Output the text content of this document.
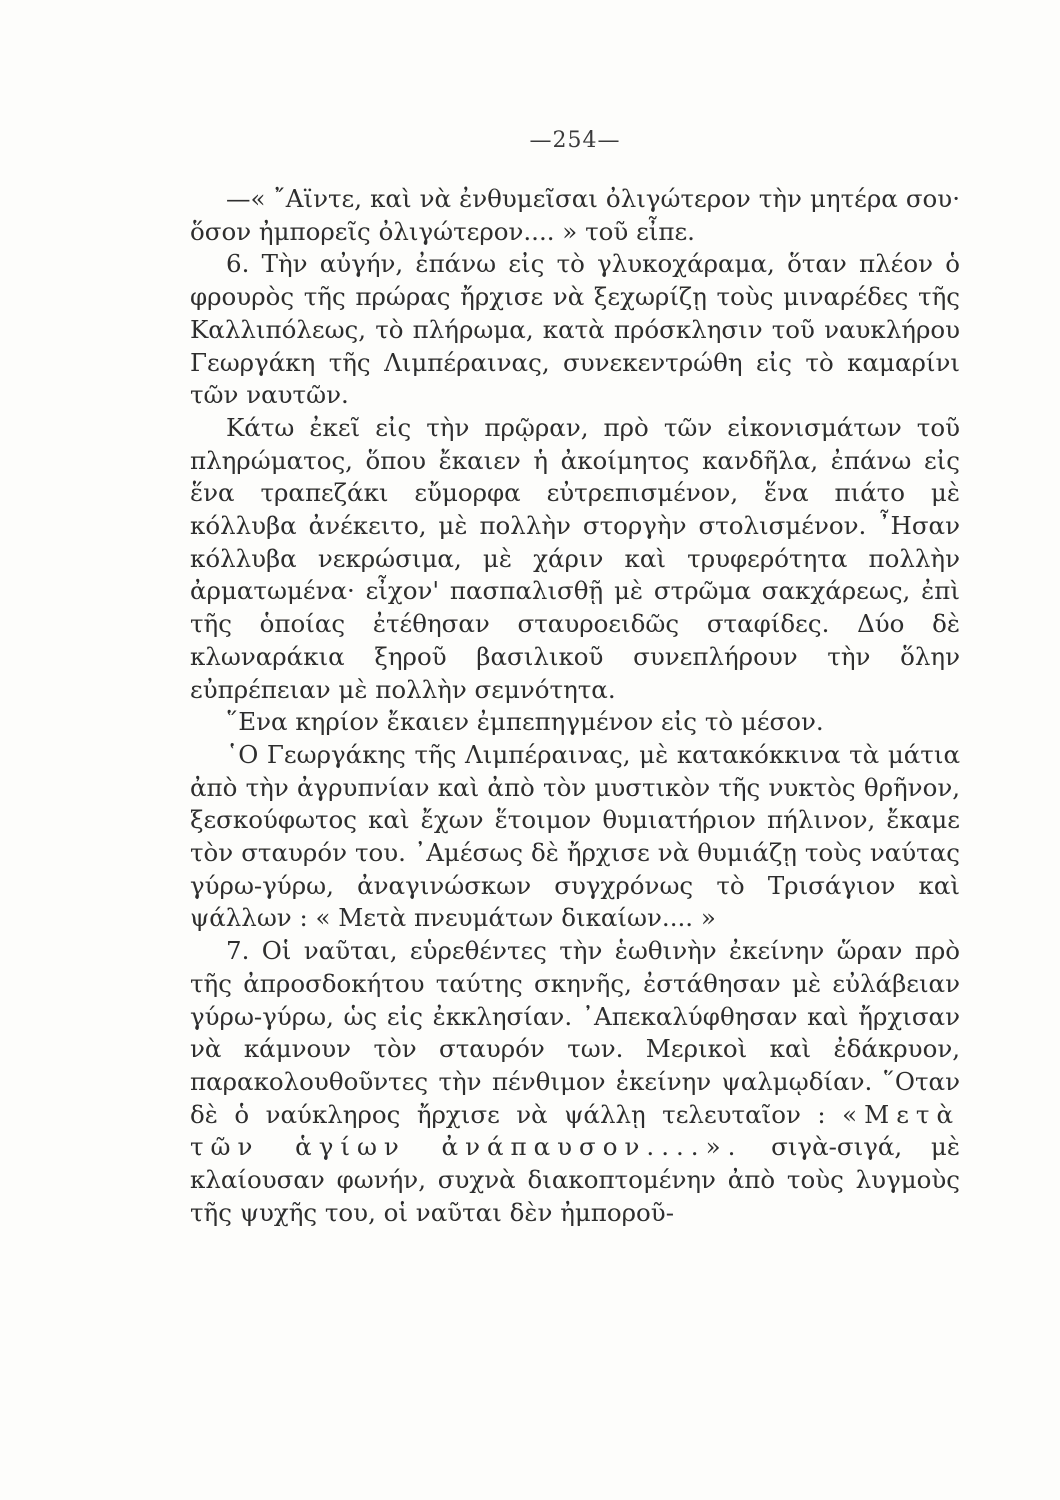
—254—

—« ῎Αϊντε, καὶ νὰ ἐνθυμεῖσαι ὀλιγώτερον τὴν μητέρα σου· ὅσον ἠμπορεῖς ὀλιγώτερον.... » τοῦ εἶπε.

6. Τὴν αὐγήν, ἐπάνω εἰς τὸ γλυκοχάραμα, ὅταν πλέον ὁ φρουρὸς τῆς πρώρας ἤρχισε νὰ ξεχωρίζῃ τοὺς μιναρέδες τῆς Καλλιπόλεως, τὸ πλήρωμα, κατὰ πρόσκλησιν τοῦ ναυκλήρου Γεωργάκη τῆς Λιμπέραινας, συνεκεντρώθη εἰς τὸ καμαρίνι τῶν ναυτῶν.

Κάτω ἐκεῖ εἰς τὴν πρῷραν, πρὸ τῶν εἰκονισμάτων τοῦ πληρώματος, ὅπου ἔκαιεν ἡ ἀκοίμητος κανδῆλα, ἐπάνω εἰς ἕνα τραπεζάκι εὔμορφα εὐτρεπισμένον, ἕνα πιάτο μὲ κόλλυβα ἀνέκειτο, μὲ πολλὴν στοργὴν στολισμένον. ῏Ησαν κόλλυβα νεκρώσιμα, μὲ χάριν καὶ τρυφερότητα πολλὴν ἀρματωμένα· εἶχον' πασπαλισθῇ μὲ στρῶμα σακχάρεως, ἐπὶ τῆς ὁποίας ἐτέθησαν σταυροειδῶς σταφίδες. Δύο δὲ κλωναράκια ξηροῦ βασιλικοῦ συνεπλήρουν τὴν ὅλην εὐπρέπειαν μὲ πολλὴν σεμνότητα.

῞Ενα κηρίον ἔκαιεν ἐμπεπηγμένον εἰς τὸ μέσον.

῾Ο Γεωργάκης τῆς Λιμπέραινας, μὲ κατακόκκινα τὰ μάτια ἀπὸ τὴν ἀγρυπνίαν καὶ ἀπὸ τὸν μυστικὸν τῆς νυκτὸς θρῆνον, ξεσκούφωτος καὶ ἔχων ἕτοιμον θυμιατήριον πήλινον, ἔκαμε τὸν σταυρόν του. ᾿Αμέσως δὲ ἤρχισε νὰ θυμιάζῃ τοὺς ναύτας γύρω-γύρω, ἀναγινώσκων συγχρόνως τὸ Τρισάγιον καὶ ψάλλων : « Μετὰ πνευμάτων δικαίων.... »

7. Οἱ ναῦται, εὑρεθέντες τὴν ἑωθινὴν ἐκείνην ὥραν πρὸ τῆς ἀπροσδοκήτου ταύτης σκηνῆς, ἐστάθησαν μὲ εὐλάβειαν γύρω-γύρω, ὡς εἰς ἐκκλησίαν. ᾿Απεκαλύφθησαν καὶ ἤρχισαν νὰ κάμνουν τὸν σταυρόν των. Μερικοὶ καὶ ἐδάκρυον, παρακολουθοῦντες τὴν πένθιμον ἐκείνην ψαλμῳδίαν. ῞Οταν δὲ ὁ ναύκληρος ἤρχισε νὰ ψάλλῃ τελευταῖον : «Μετὰ τῶν ἁγίων ἀνάπαυσον....». σιγὰ-σιγά, μὲ κλαίουσαν φωνήν, συχνὰ διακοπτομένην ἀπὸ τοὺς λυγμοὺς τῆς ψυχῆς του, οἱ ναῦται δὲν ἠμποροῦ-
